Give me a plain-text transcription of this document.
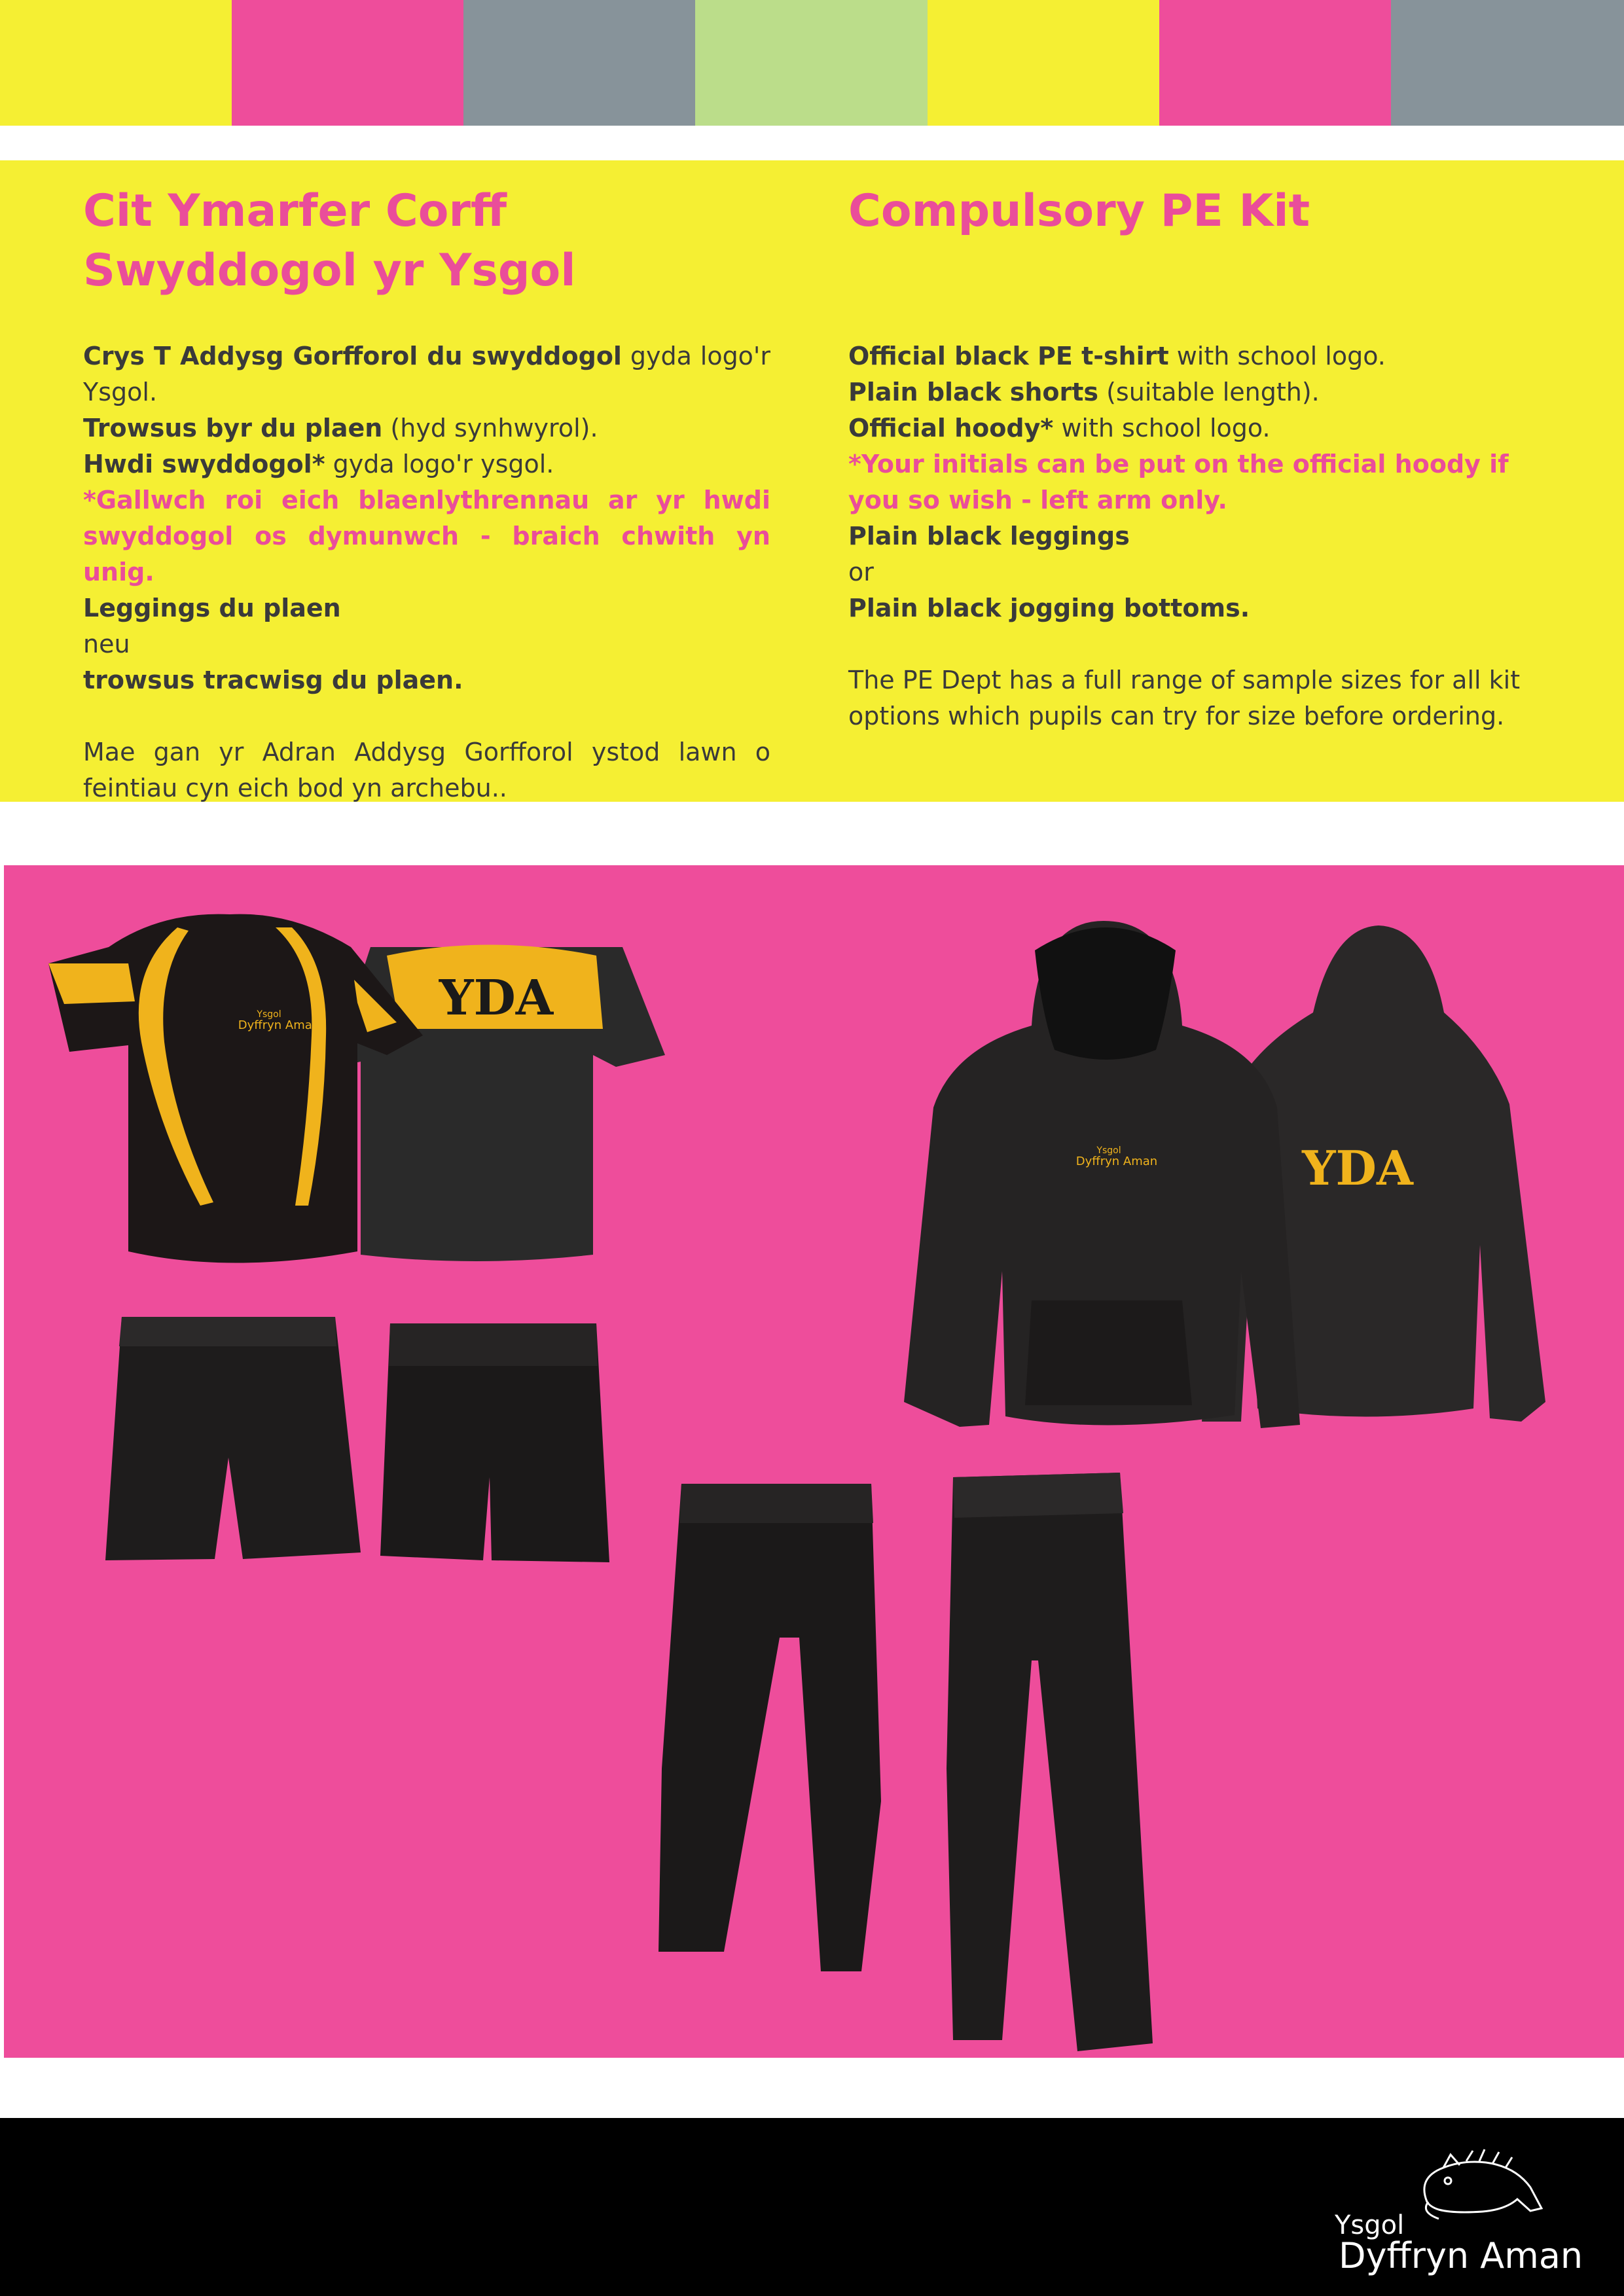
Cit Ymarfer Corff
Swyddogol yr Ysgol
Crys T Addysg Gorfforol du swyddogol gyda logo'r Ysgol.
Trowsus byr du plaen (hyd synhwyrol).
Hwdi swyddogol* gyda logo'r ysgol.
*Gallwch roi eich blaenlythrennau ar yr hwdi swyddogol os dymunwch - braich chwith yn unig.
Leggings du plaen
neu
trowsus tracwisg du plaen.
Mae gan yr Adran Addysg Gorfforol ystod lawn o feintiau cyn eich bod yn archebu..
Compulsory PE Kit

Official black PE t-shirt with school logo.
Plain black shorts (suitable length).
Official hoody* with school logo.
*Your initials can be put on the official hoody if you so wish - left arm only.
Plain black leggings
or
Plain black jogging bottoms.
The PE Dept has a full range of sample sizes for all kit options which pupils can try for size before ordering.
YDA
Ysgol
Dyffryn Aman
YDA
Ysgol
Dyffryn Aman
Ysgol
Dyffryn Aman
